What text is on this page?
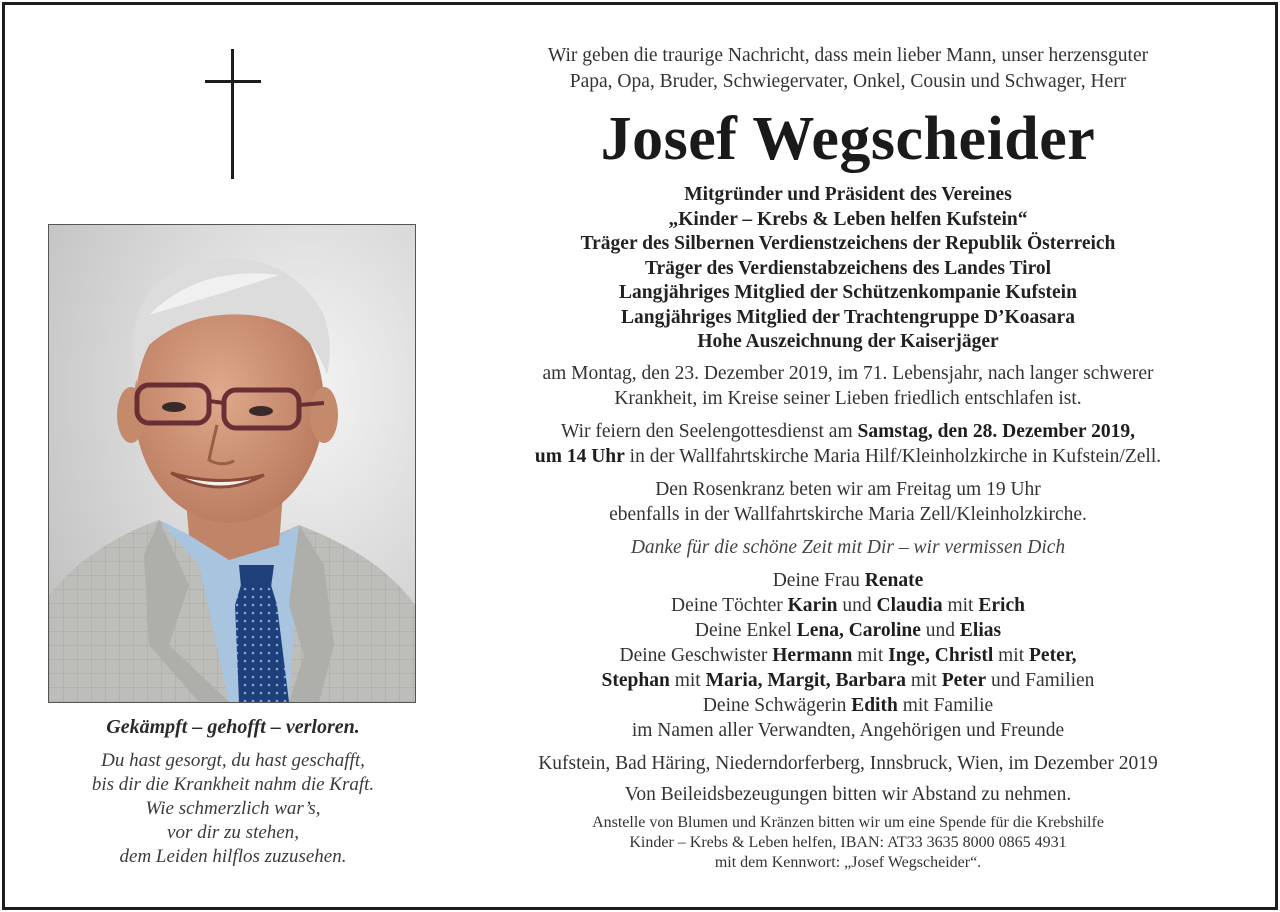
Gekämpft – gehofft – verloren.
Du hast gesorgt, du hast geschafft,
bis dir die Krankheit nahm die Kraft.
Wie schmerzlich war’s,
vor dir zu stehen,
dem Leiden hilflos zuzusehen.
Wir geben die traurige Nachricht, dass mein lieber Mann, unser herzensguter
Papa, Opa, Bruder, Schwiegervater, Onkel, Cousin und Schwager, Herr
Josef Wegscheider
Mitgründer und Präsident des Vereines
„Kinder – Krebs & Leben helfen Kufstein“
Träger des Silbernen Verdienstzeichens der Republik Österreich
Träger des Verdienstabzeichens des Landes Tirol
Langjähriges Mitglied der Schützenkompanie Kufstein
Langjähriges Mitglied der Trachtengruppe D’Koasara
Hohe Auszeichnung der Kaiserjäger
am Montag, den 23. Dezember 2019, im 71. Lebensjahr, nach langer schwerer
Krankheit, im Kreise seiner Lieben friedlich entschlafen ist.
Wir feiern den Seelengottesdienst am Samstag, den 28. Dezember 2019,
um 14 Uhr in der Wallfahrtskirche Maria Hilf/Kleinholzkirche in Kufstein/Zell.
Den Rosenkranz beten wir am Freitag um 19 Uhr
ebenfalls in der Wallfahrtskirche Maria Zell/Kleinholzkirche.
Danke für die schöne Zeit mit Dir – wir vermissen Dich
Deine Frau Renate
Deine Töchter Karin und Claudia mit Erich
Deine Enkel Lena, Caroline und Elias
Deine Geschwister Hermann mit Inge, Christl mit Peter,
Stephan mit Maria, Margit, Barbara mit Peter und Familien
Deine Schwägerin Edith mit Familie
im Namen aller Verwandten, Angehörigen und Freunde
Kufstein, Bad Häring, Niederndorferberg, Innsbruck, Wien, im Dezember 2019
Von Beileidsbezeugungen bitten wir Abstand zu nehmen.
Anstelle von Blumen und Kränzen bitten wir um eine Spende für die Krebshilfe
Kinder – Krebs & Leben helfen, IBAN: AT33 3635 8000 0865 4931
mit dem Kennwort: „Josef Wegscheider“.
